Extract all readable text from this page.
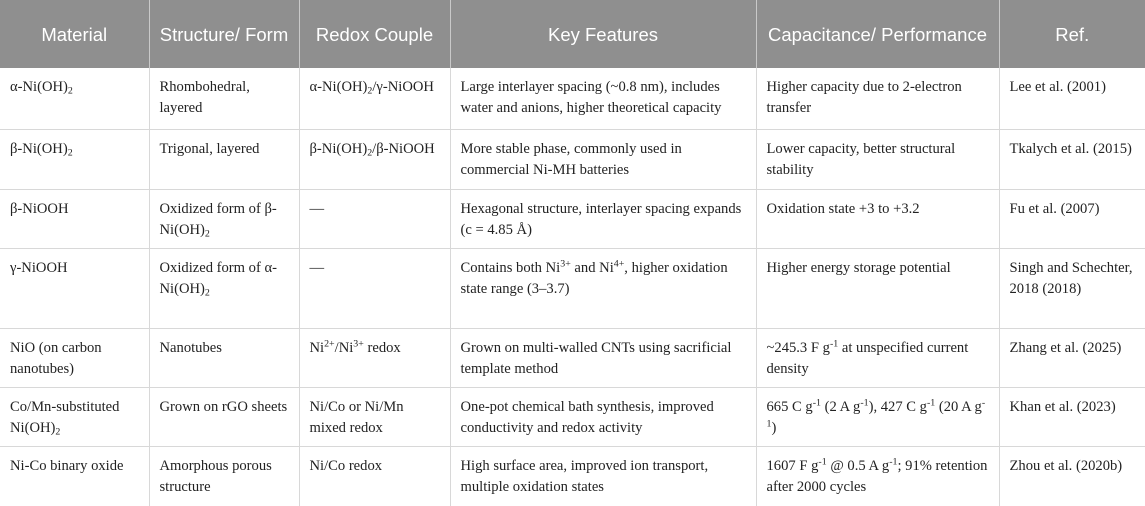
Material	Structure/ Form	Redox Couple	Key Features	Capacitance/ Performance	Ref.
$\alpha-Ni(OH)_2$	Rhombohedral, layered	$\alpha-Ni(OH)_2/\gamma$-NiOOH	Large interlayer spacing (~0.8 nm), includes water and anions, higher theoretical capacity	Higher capacity due to 2-electron transfer	Lee et al. (2001)
$\beta-Ni(OH)_2$	Trigonal, layered	$\beta-Ni(OH)_2/\beta$-NiOOH	More stable phase, commonly used in commercial Ni-MH batteries	Lower capacity, better structural stability	Tkalych et al. (2015)
β-NiOOH	Oxidized form of $\beta-Ni(OH)_2$	—	Hexagonal structure, interlayer spacing expands (c = 4.85 Å)	Oxidation state +3 to +3.2	Fu et al. (2007)
γ-NiOOH	Oxidized form of $\alpha-Ni(OH)_2$	—	Contains both $Ni^{3+}$ and $Ni^{4+}$, higher oxidation state range (3–3.7)	Higher energy storage potential	Singh and Schechter, 2018 (2018)
NiO (on carbon nanotubes)	Nanotubes	$Ni^{2+}/Ni^{3+}$ redox	Grown on multi-walled CNTs using sacrificial template method	~245.3 F $g^{-1}$ at unspecified current density	Zhang et al. (2025)
Co/Mn-substituted $Ni(OH)_2$	Grown on rGO sheets	Ni/Co or Ni/Mn mixed redox	One-pot chemical bath synthesis, improved conductivity and redox activity	665 C $g^{-1}$ (2 A $g^{-1}$), 427 C $g^{-1}$ (20 A $g^{-1}$)	Khan et al. (2023)
Ni-Co binary oxide	Amorphous porous structure	Ni/Co redox	High surface area, improved ion transport, multiple oxidation states	1607 F $g^{-1}$ @ 0.5 A $g^{-1}$; 91% retention after 2000 cycles	Zhou et al. (2020b)
